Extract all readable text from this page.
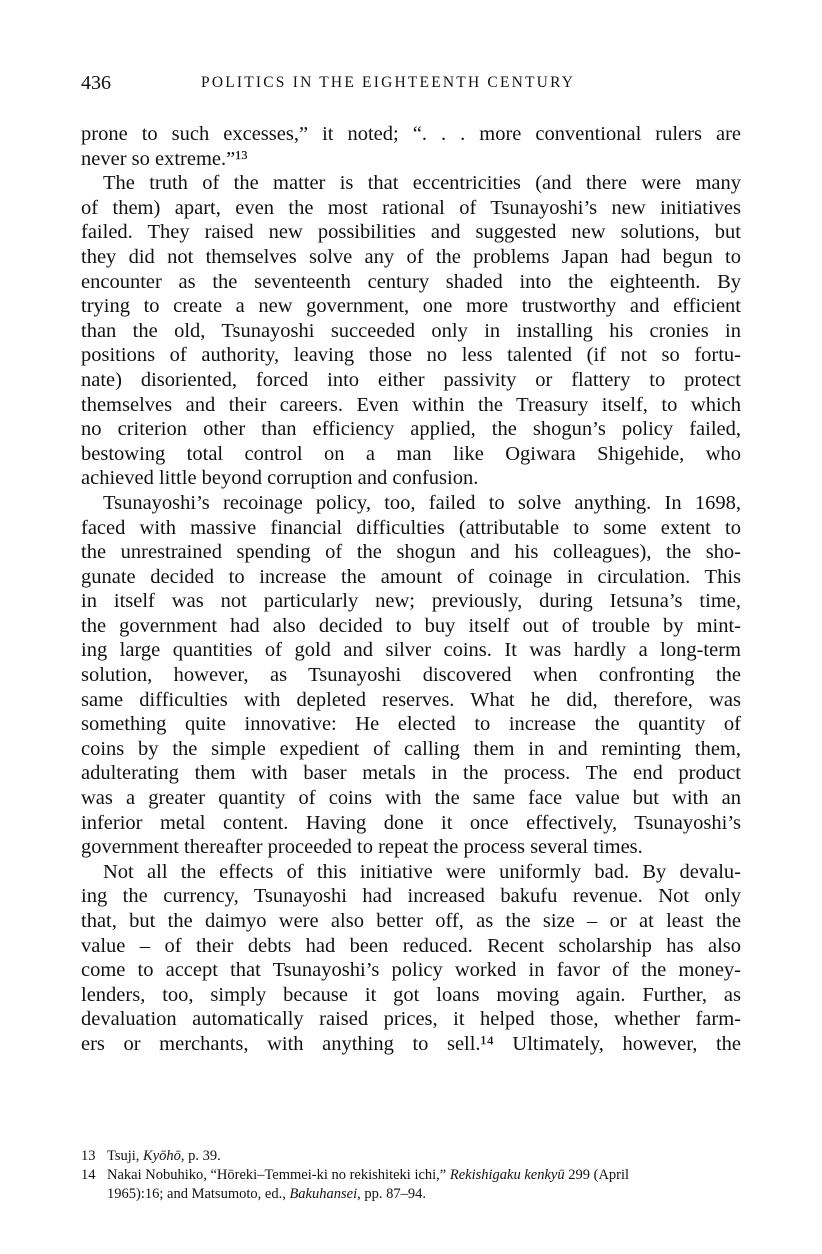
436	POLITICS IN THE EIGHTEENTH CENTURY
prone to such excesses,” it noted; “. . . more conventional rulers are
never so extreme.”¹³
The truth of the matter is that eccentricities (and there were many
of them) apart, even the most rational of Tsunayoshi’s new initiatives
failed. They raised new possibilities and suggested new solutions, but
they did not themselves solve any of the problems Japan had begun to
encounter as the seventeenth century shaded into the eighteenth. By
trying to create a new government, one more trustworthy and efficient
than the old, Tsunayoshi succeeded only in installing his cronies in
positions of authority, leaving those no less talented (if not so fortu-
nate) disoriented, forced into either passivity or flattery to protect
themselves and their careers. Even within the Treasury itself, to which
no criterion other than efficiency applied, the shogun’s policy failed,
bestowing total control on a man like Ogiwara Shigehide, who
achieved little beyond corruption and confusion.
Tsunayoshi’s recoinage policy, too, failed to solve anything. In 1698,
faced with massive financial difficulties (attributable to some extent to
the unrestrained spending of the shogun and his colleagues), the sho-
gunate decided to increase the amount of coinage in circulation. This
in itself was not particularly new; previously, during Ietsuna’s time,
the government had also decided to buy itself out of trouble by mint-
ing large quantities of gold and silver coins. It was hardly a long-term
solution, however, as Tsunayoshi discovered when confronting the
same difficulties with depleted reserves. What he did, therefore, was
something quite innovative: He elected to increase the quantity of
coins by the simple expedient of calling them in and reminting them,
adulterating them with baser metals in the process. The end product
was a greater quantity of coins with the same face value but with an
inferior metal content. Having done it once effectively, Tsunayoshi’s
government thereafter proceeded to repeat the process several times.
Not all the effects of this initiative were uniformly bad. By devalu-
ing the currency, Tsunayoshi had increased bakufu revenue. Not only
that, but the daimyo were also better off, as the size – or at least the
value – of their debts had been reduced. Recent scholarship has also
come to accept that Tsunayoshi’s policy worked in favor of the money-
lenders, too, simply because it got loans moving again. Further, as
devaluation automatically raised prices, it helped those, whether farm-
ers or merchants, with anything to sell.¹⁴ Ultimately, however, the
13 Tsuji, Kyōhō, p. 39.
14 Nakai Nobuhiko, “Hōreki–Temmei-ki no rekishiteki ichi,” Rekishigaku kenkyū 299 (April
1965):16; and Matsumoto, ed., Bakuhansei, pp. 87–94.
